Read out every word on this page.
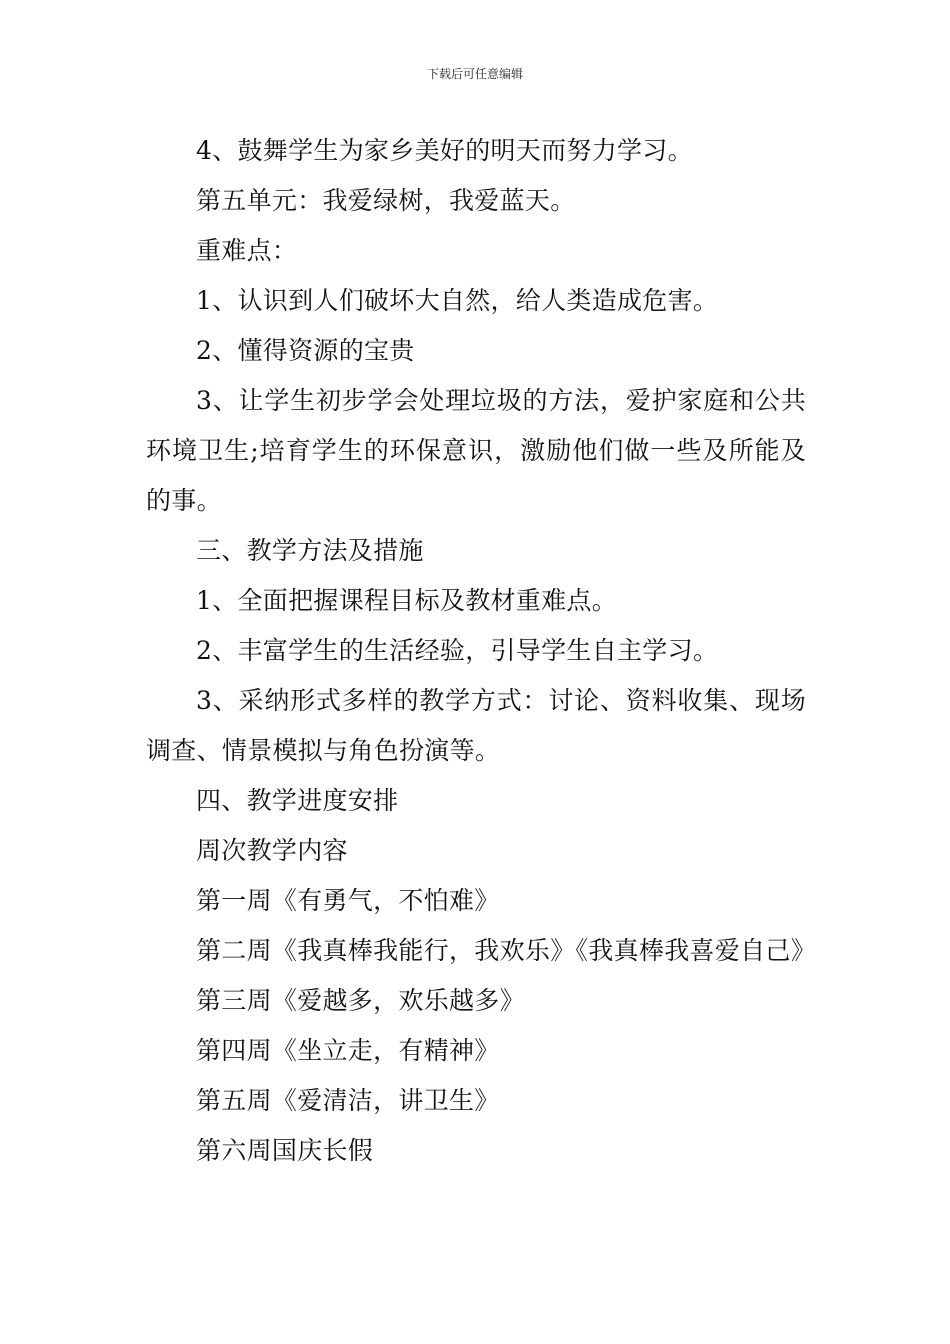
下载后可任意编辑

4、鼓舞学生为家乡美好的明天而努力学习。

第五单元：我爱绿树，我爱蓝天。

重难点：

1、认识到人们破坏大自然，给人类造成危害。

2、懂得资源的宝贵

3、让学生初步学会处理垃圾的方法，爱护家庭和公共环境卫生;培育学生的环保意识，激励他们做一些及所能及的事。

三、教学方法及措施

1、全面把握课程目标及教材重难点。

2、丰富学生的生活经验，引导学生自主学习。

3、采纳形式多样的教学方式：讨论、资料收集、现场调查、情景模拟与角色扮演等。

四、教学进度安排

周次教学内容

第一周《有勇气，不怕难》

第二周《我真棒我能行，我欢乐》《我真棒我喜爱自己》

第三周《爱越多，欢乐越多》

第四周《坐立走，有精神》

第五周《爱清洁，讲卫生》

第六周国庆长假
